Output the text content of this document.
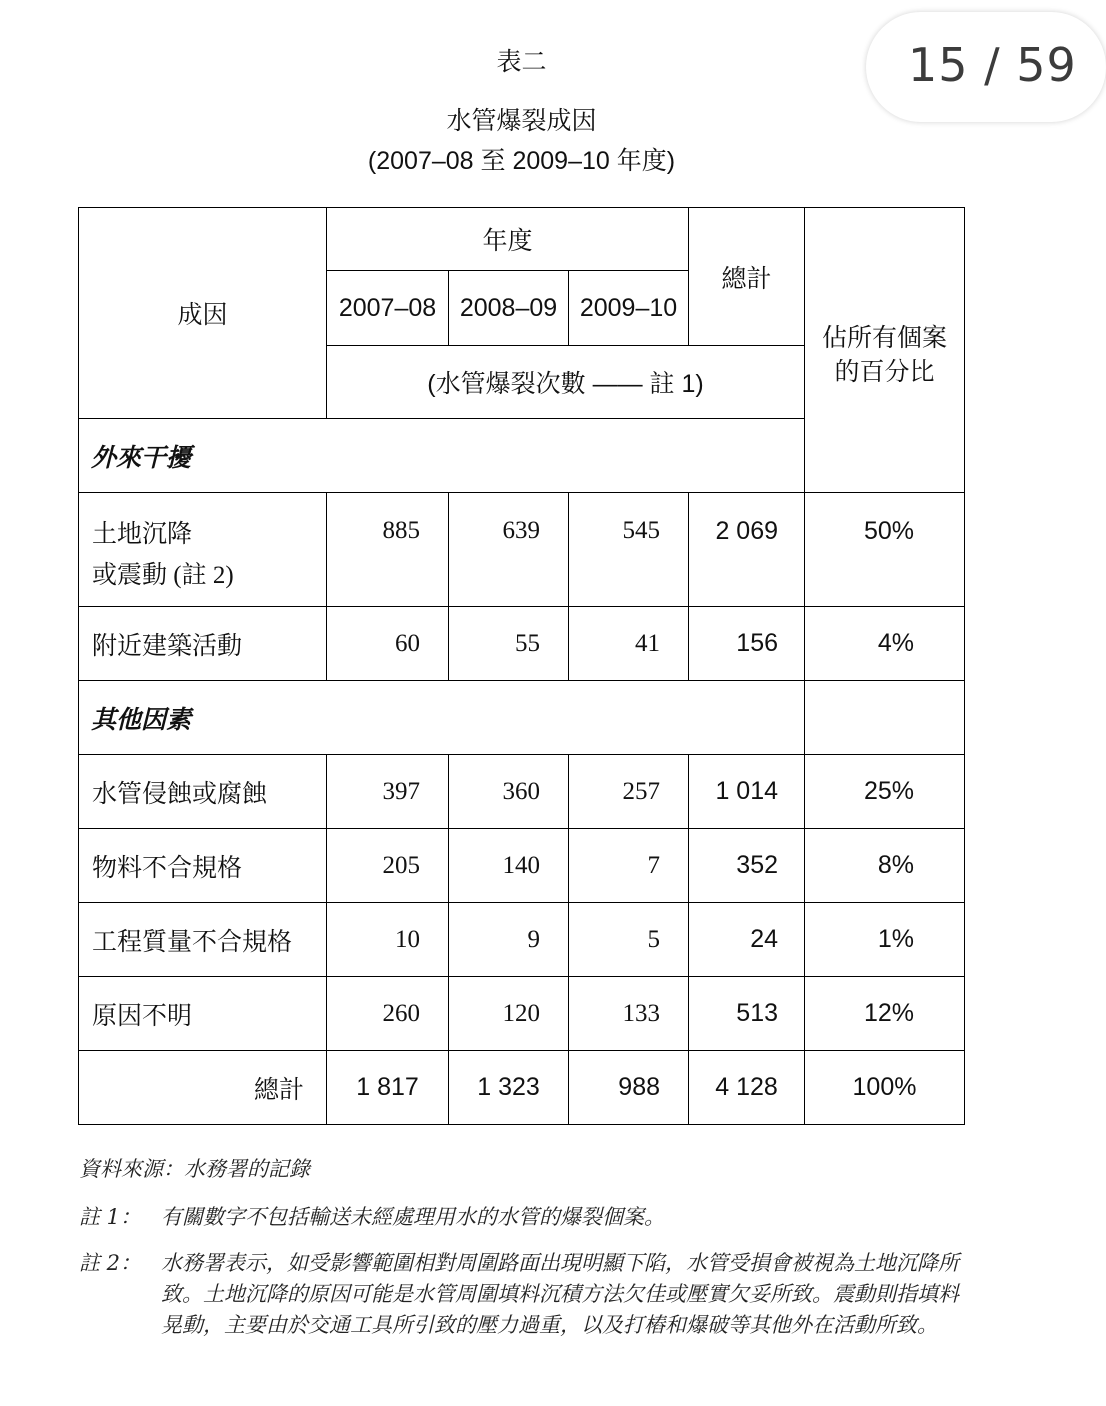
15 / 59
表二
水管爆裂成因
(2007–08 至 2009–10 年度)
成因	年度			總計	佔所有個案的百分比

	2007–08	2008–09	2009–10		
	(水管爆裂次數 —— 註 1)				
外來干擾					

土地沉降
或震動 (註 2)	885	639	545	2 069	50%
附近建築活動	60	55	41	156	4%
其他因素					
水管侵蝕或腐蝕	397	360	257	1 014	25%
物料不合規格	205	140	7	352	8%
工程質量不合規格	10	9	5	24	1%
原因不明	260	120	133	513	12%
總計	1 817	1 323	988	4 128	100%
資料來源：水務署的記錄
註 1： 有關數字不包括輸送未經處理用水的水管的爆裂個案。
註 2： 水務署表示，如受影響範圍相對周圍路面出現明顯下陷，水管受損會被視為土地沉降所致。土地沉降的原因可能是水管周圍填料沉積方法欠佳或壓實欠妥所致。震動則指填料晃動，主要由於交通工具所引致的壓力過重，以及打樁和爆破等其他外在活動所致。
